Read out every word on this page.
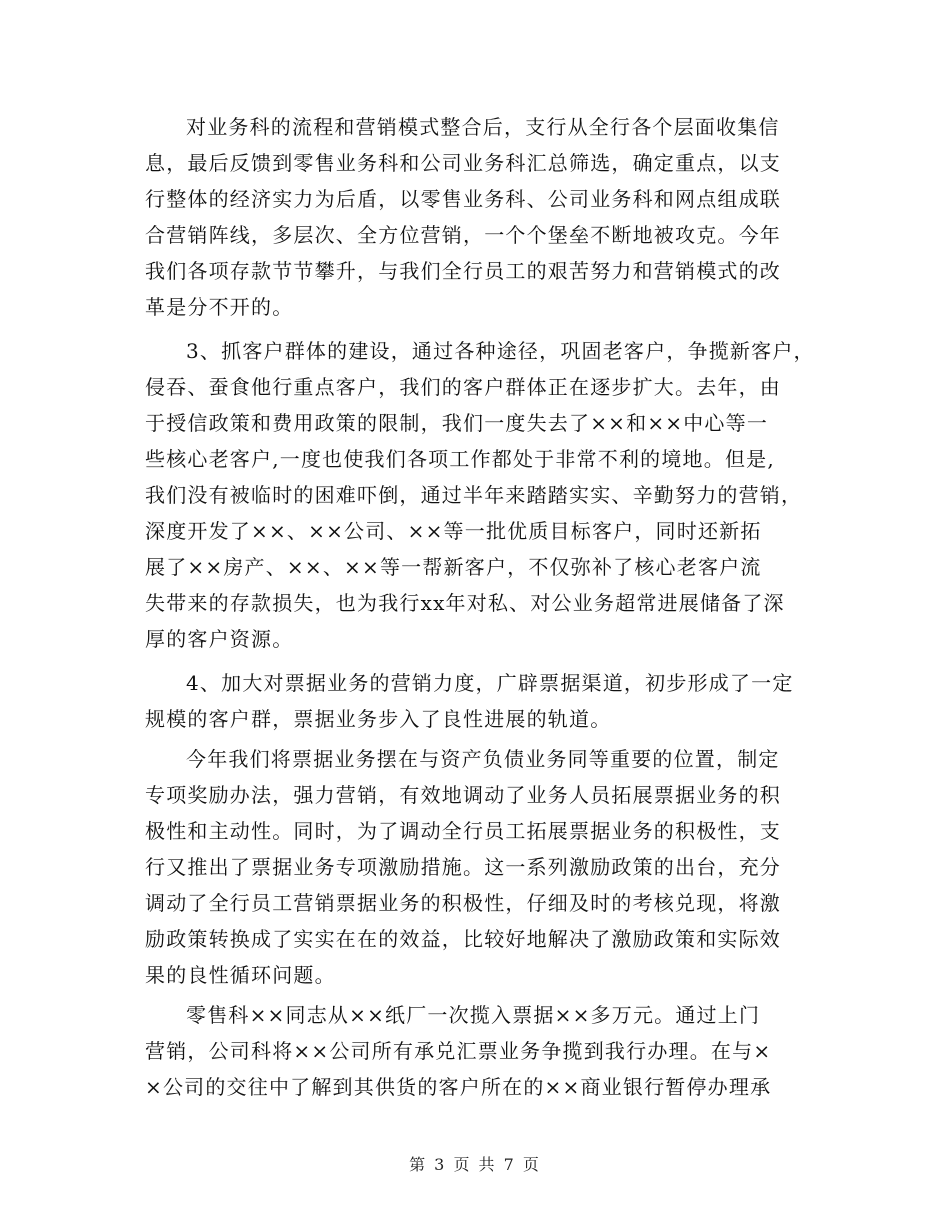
对业务科的流程和营销模式整合后，支行从全行各个层面收集信
息，最后反馈到零售业务科和公司业务科汇总筛选，确定重点，以支
行整体的经济实力为后盾，以零售业务科、公司业务科和网点组成联
合营销阵线，多层次、全方位营销，一个个堡垒不断地被攻克。今年
我们各项存款节节攀升，与我们全行员工的艰苦努力和营销模式的改
革是分不开的。
3、抓客户群体的建设，通过各种途径，巩固老客户，争揽新客户，
侵吞、蚕食他行重点客户，我们的客户群体正在逐步扩大。去年，由
于授信政策和费用政策的限制，我们一度失去了××和××中心等一
些核心老客户,一度也使我们各项工作都处于非常不利的境地。但是,
我们没有被临时的困难吓倒，通过半年来踏踏实实、辛勤努力的营销，
深度开发了××、××公司、××等一批优质目标客户，同时还新拓
展了××房产、××、××等一帮新客户，不仅弥补了核心老客户流
失带来的存款损失，也为我行xx年对私、对公业务超常进展储备了深
厚的客户资源。
4、加大对票据业务的营销力度，广辟票据渠道，初步形成了一定
规模的客户群，票据业务步入了良性进展的轨道。
今年我们将票据业务摆在与资产负债业务同等重要的位置，制定
专项奖励办法，强力营销，有效地调动了业务人员拓展票据业务的积
极性和主动性。同时，为了调动全行员工拓展票据业务的积极性，支
行又推出了票据业务专项激励措施。这一系列激励政策的出台，充分
调动了全行员工营销票据业务的积极性，仔细及时的考核兑现，将激
励政策转换成了实实在在的效益，比较好地解决了激励政策和实际效
果的良性循环问题。
零售科××同志从××纸厂一次揽入票据××多万元。通过上门
营销，公司科将××公司所有承兑汇票业务争揽到我行办理。在与×
×公司的交往中了解到其供货的客户所在的××商业银行暂停办理承
第 3 页 共 7 页
